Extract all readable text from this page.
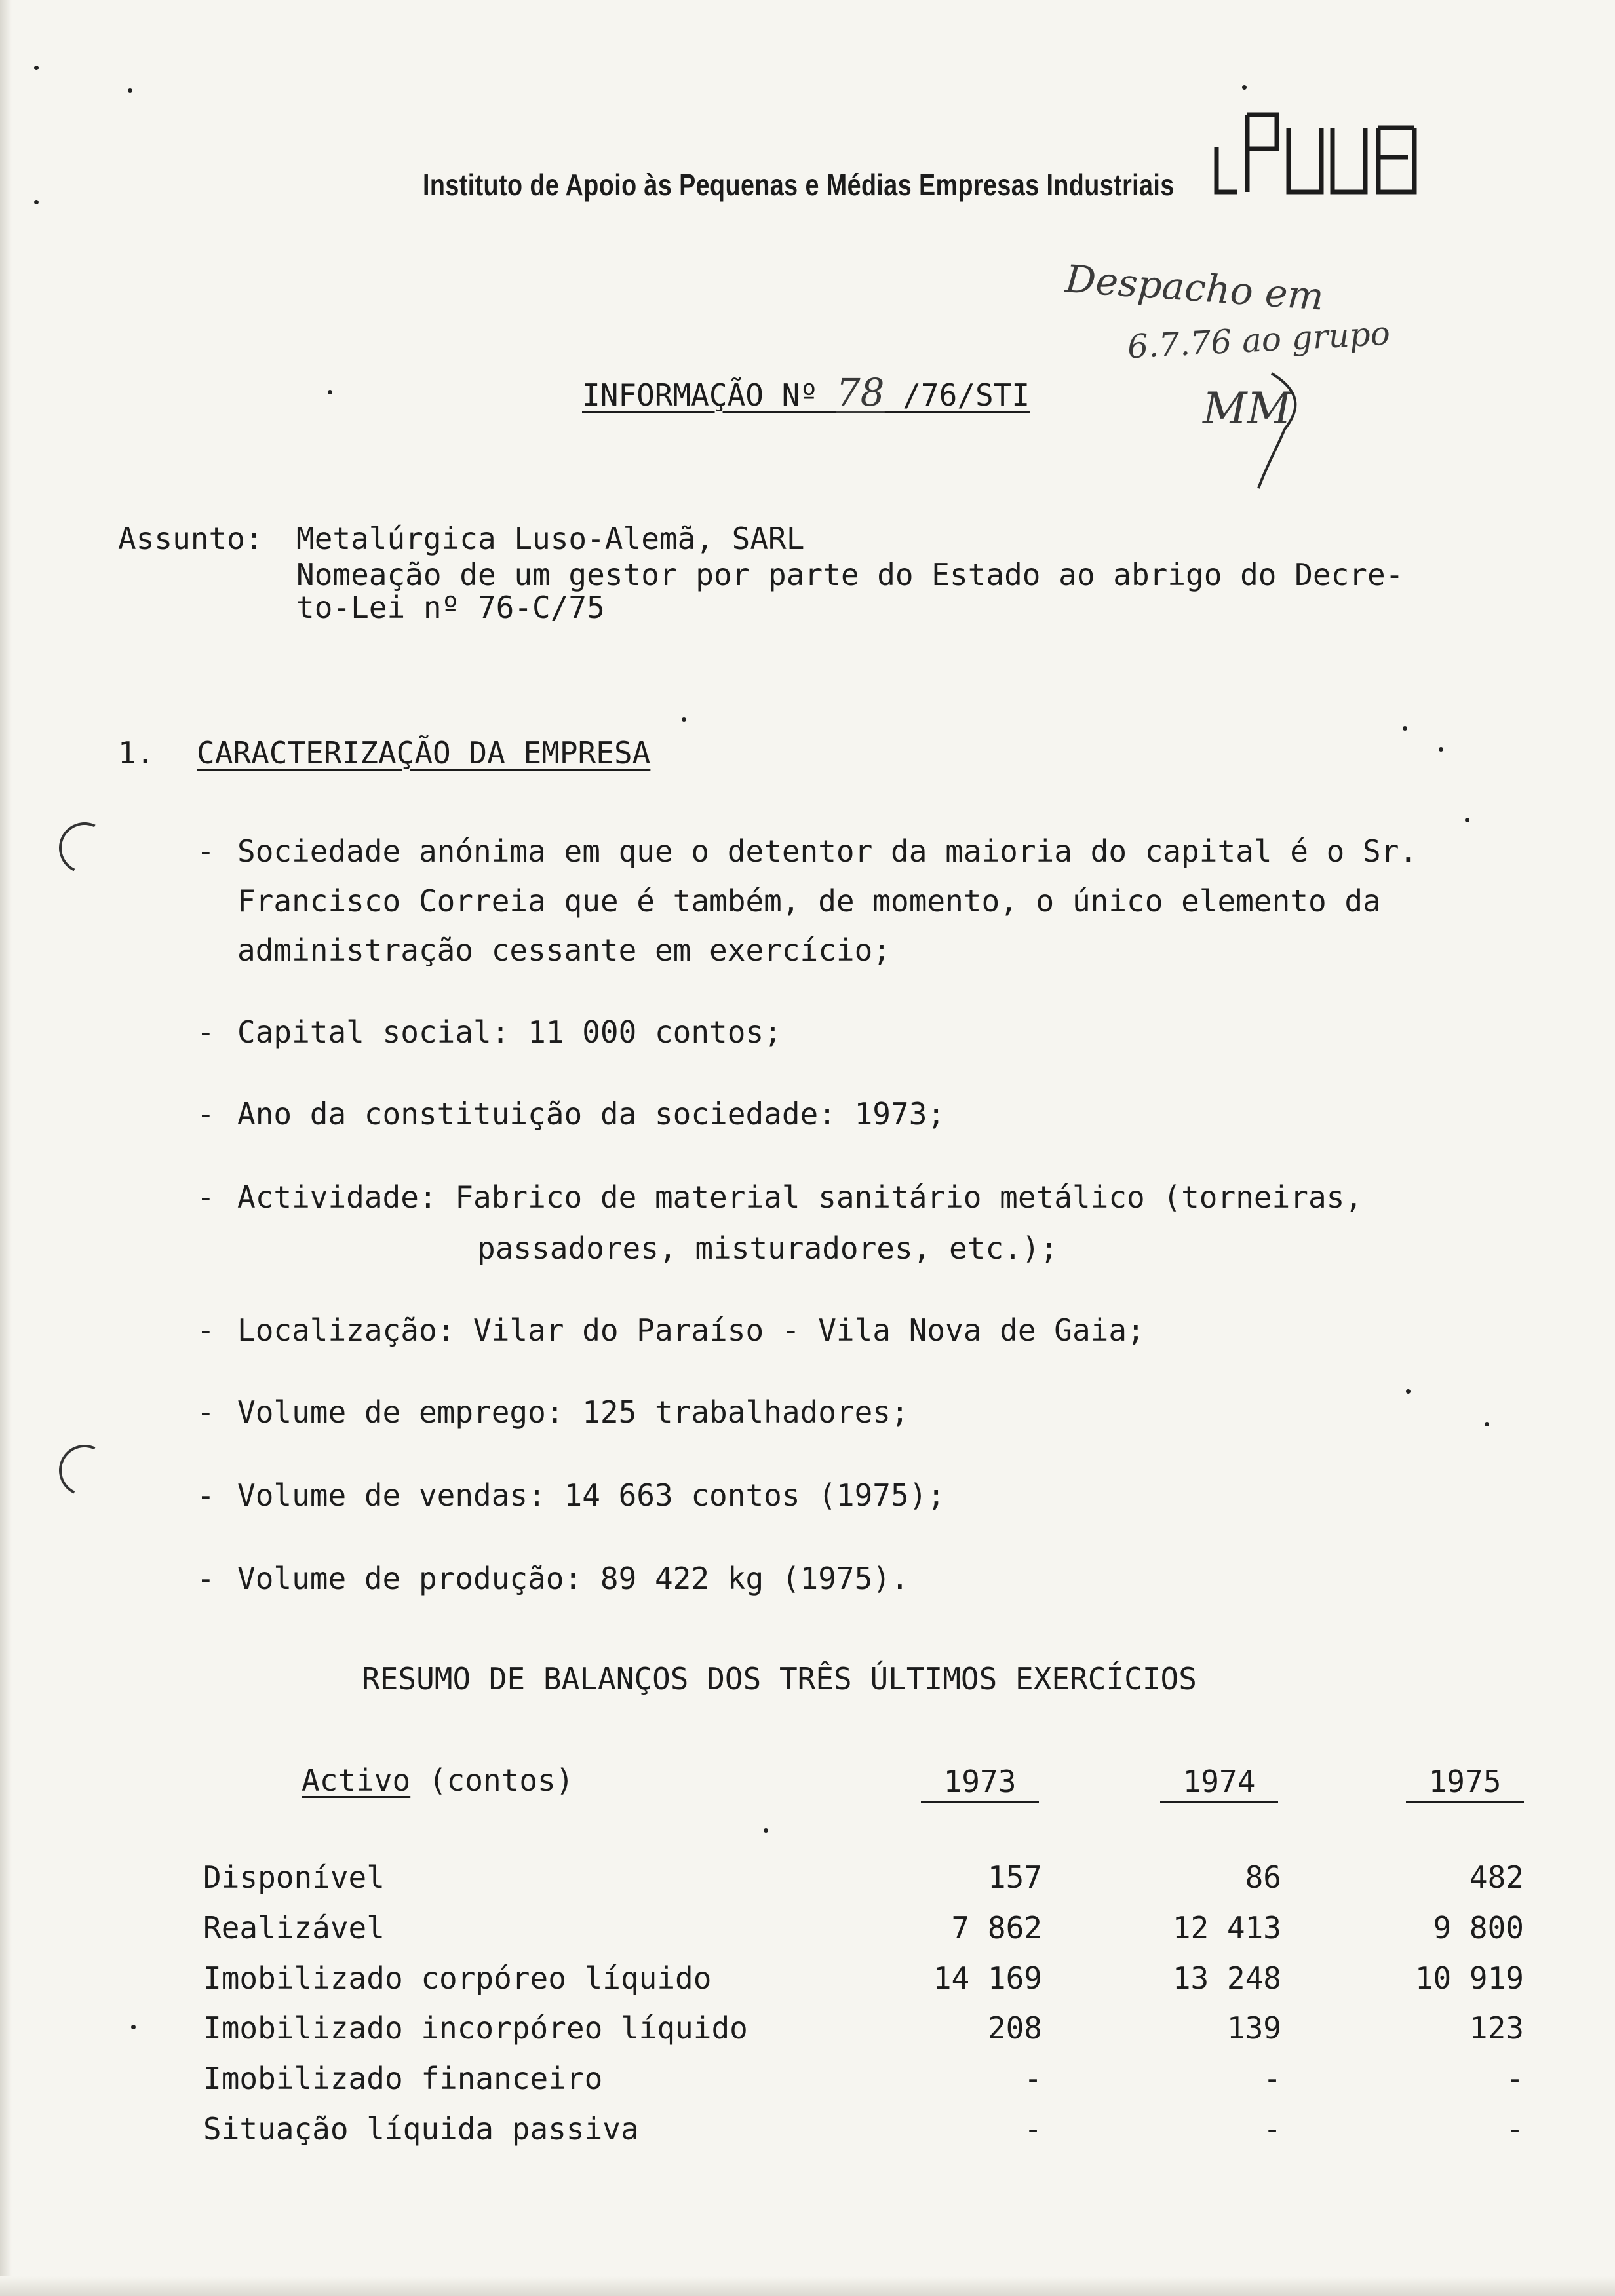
Instituto de Apoio às Pequenas e Médias Empresas Industriais
IAPMEI
Despacho em
6.7.76 ao grupo
MM
INFORMAÇÃO Nº 78 /76/STI
Assunto: Metalúrgica Luso-Alemã, SARL
Nomeação de um gestor por parte do Estado ao abrigo do Decre-
to-Lei nº 76-C/75
1. CARACTERIZAÇÃO DA EMPRESA
- Sociedade anónima em que o detentor da maioria do capital é o Sr.
Francisco Correia que é também, de momento, o único elemento da
administração cessante em exercício;
- Capital social: 11 000 contos;
- Ano da constituição da sociedade: 1973;
- Actividade: Fabrico de material sanitário metálico (torneiras,
passadores, misturadores, etc.);
- Localização: Vilar do Paraíso - Vila Nova de Gaia;
- Volume de emprego: 125 trabalhadores;
- Volume de vendas: 14 663 contos (1975);
- Volume de produção: 89 422 kg (1975).
RESUMO DE BALANÇOS DOS TRÊS ÚLTIMOS EXERCÍCIOS
Activo (contos)	1973	1974	1975
Disponível	157	86	482
Realizável	7 862	12 413	9 800
Imobilizado corpóreo líquido	14 169	13 248	10 919
Imobilizado incorpóreo líquido	208	139	123
Imobilizado financeiro	-	-	-
Situação líquida passiva	-	-	-
